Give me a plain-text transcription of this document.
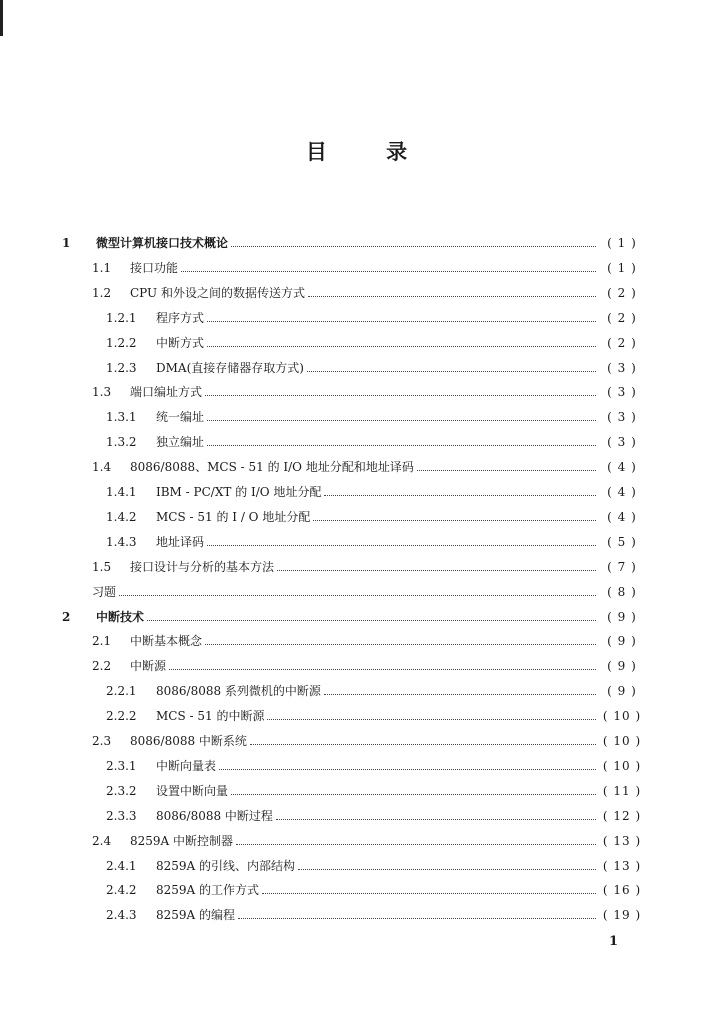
目 录
1	微型计算机接口技术概论	( 1 )
1.1	接口功能	( 1 )
1.2	CPU 和外设之间的数据传送方式	( 2 )
1.2.1	程序方式	( 2 )
1.2.2	中断方式	( 2 )
1.2.3	DMA(直接存储器存取方式)	( 3 )
1.3	端口编址方式	( 3 )
1.3.1	统一编址	( 3 )
1.3.2	独立编址	( 3 )
1.4	8086/8088、MCS - 51 的 I/O 地址分配和地址译码	( 4 )
1.4.1	IBM - PC/XT 的 I/O 地址分配	( 4 )
1.4.2	MCS - 51 的 I / O 地址分配	( 4 )
1.4.3	地址译码	( 5 )
1.5	接口设计与分析的基本方法	( 7 )
习题	( 8 )
2	中断技术	( 9 )
2.1	中断基本概念	( 9 )
2.2	中断源	( 9 )
2.2.1	8086/8088 系列微机的中断源	( 9 )
2.2.2	MCS - 51 的中断源	( 10 )
2.3	8086/8088 中断系统	( 10 )
2.3.1	中断向量表	( 10 )
2.3.2	设置中断向量	( 11 )
2.3.3	8086/8088 中断过程	( 12 )
2.4	8259A 中断控制器	( 13 )
2.4.1	8259A 的引线、内部结构	( 13 )
2.4.2	8259A 的工作方式	( 16 )
2.4.3	8259A 的编程	( 19 )
1
